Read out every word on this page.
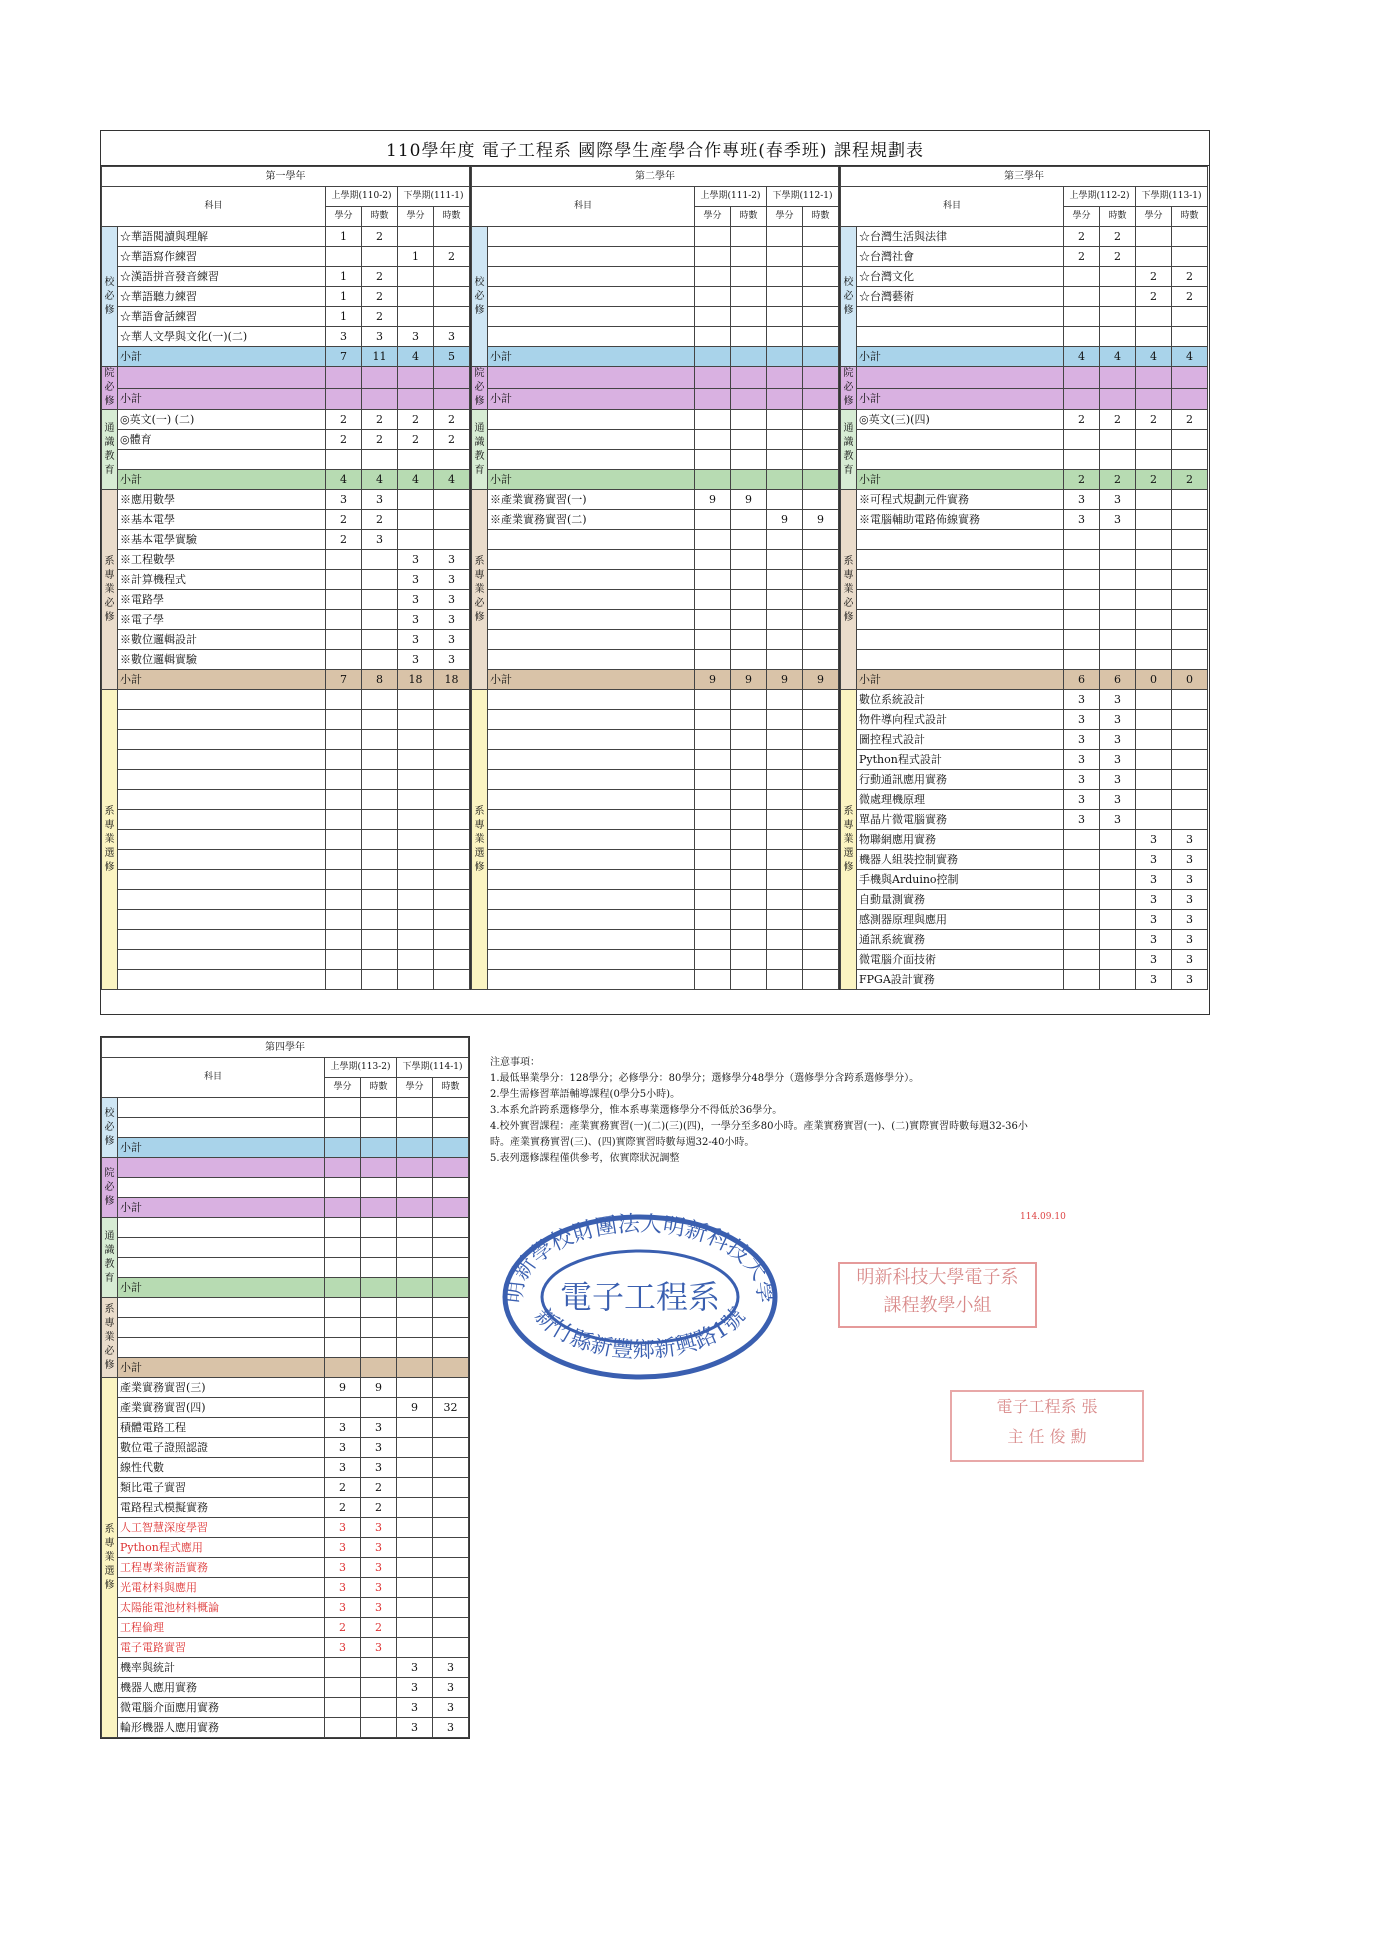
110學年度 電子工程系 國際學生產學合作專班(春季班) 課程規劃表
第一學年					
科目		上學期(110-2)		下學期(111-1)	
		學分	時數	學分	時數
校必修	☆華語閱讀與理解	1	2		
	☆華語寫作練習			1	2
	☆漢語拼音發音練習	1	2		
	☆華語聽力練習	1	2		
	☆華語會話練習	1	2		
	☆華人文學與文化(一)(二)	3	3	3	3
	小計	7	11	4	5
院必修					
	小計				
通識教育	◎英文(一) (二)	2	2	2	2
	◎體育	2	2	2	2

	小計	4	4	4	4
系專業必修	※應用數學	3	3		
	※基本電學	2	2		
	※基本電學實驗	2	3		
	※工程數學			3	3
	※計算機程式			3	3
	※電路學			3	3
	※電子學			3	3
	※數位邏輯設計			3	3
	※數位邏輯實驗			3	3
	小計	7	8	18	18
系專業選修					

第二學年					
科目		上學期(111-2)		下學期(112-1)	
		學分	時數	學分	時數
校必修					

	小計				
院必修					
	小計				
通識教育					

	小計				
系專業必修	※產業實務實習(一)	9	9		
	※產業實務實習(二)			9	9

	小計	9	9	9	9
系專業選修					

第三學年					
科目		上學期(112-2)		下學期(113-1)	
		學分	時數	學分	時數
校必修	☆台灣生活與法律	2	2		
	☆台灣社會	2	2		
	☆台灣文化			2	2
	☆台灣藝術			2	2

	小計	4	4	4	4
院必修					
	小計				
通識教育	◎英文(三)(四)	2	2	2	2

	小計	2	2	2	2
系專業必修	※可程式規劃元件實務	3	3		
	※電腦輔助電路佈線實務	3	3		

	小計	6	6	0	0
系專業選修	數位系統設計	3	3		
	物件導向程式設計	3	3		
	圖控程式設計	3	3		
	Python程式設計	3	3		
	行動通訊應用實務	3	3		
	微處理機原理	3	3		
	單晶片微電腦實務	3	3		
	物聯網應用實務			3	3
	機器人組裝控制實務			3	3
	手機與Arduino控制			3	3
	自動量測實務			3	3
	感測器原理與應用			3	3
	通訊系統實務			3	3
	微電腦介面技術			3	3
	FPGA設計實務			3	3
第四學年					
科目		上學期(113-2)		下學期(114-1)	
		學分	時數	學分	時數
校必修					

	小計				
院必修					

	小計				
通識教育					

	小計				
系專業必修					

	小計				
系專業選修	產業實務實習(三)	9	9		
	產業實務實習(四)			9	32
	積體電路工程	3	3		
	數位電子證照認證	3	3		
	線性代數	3	3		
	類比電子實習	2	2		
	電路程式模擬實務	2	2		
	人工智慧深度學習	3	3		
	Python程式應用	3	3		
	工程專業術語實務	3	3		
	光電材料與應用	3	3		
	太陽能電池材料概論	3	3		
	工程倫理	2	2		
	電子電路實習	3	3		
	機率與統計			3	3
	機器人應用實務			3	3
	微電腦介面應用實務			3	3
	輪形機器人應用實務			3	3
注意事項：
1.最低畢業學分：128學分；必修學分：80學分；選修學分48學分（選修學分含跨系選修學分）。
2.學生需修習華語輔導課程(0學分5小時)。
3.本系允許跨系選修學分，惟本系專業選修學分不得低於36學分。
4.校外實習課程：產業實務實習(一)(二)(三)(四)，一學分至多80小時。產業實務實習(一)、(二)實際實習時數每週32-36小
時。產業實務實習(三)、(四)實際實習時數每週32-40小時。
5.表列選修課程僅供參考，依實際狀況調整
114.09.10
明新學校財團法人明新科技大學
新竹縣新豐鄉新興路1號
電子工程系
明新科技大學電子系
課程教學小組
電子工程系 張
主 任 俊 勳
